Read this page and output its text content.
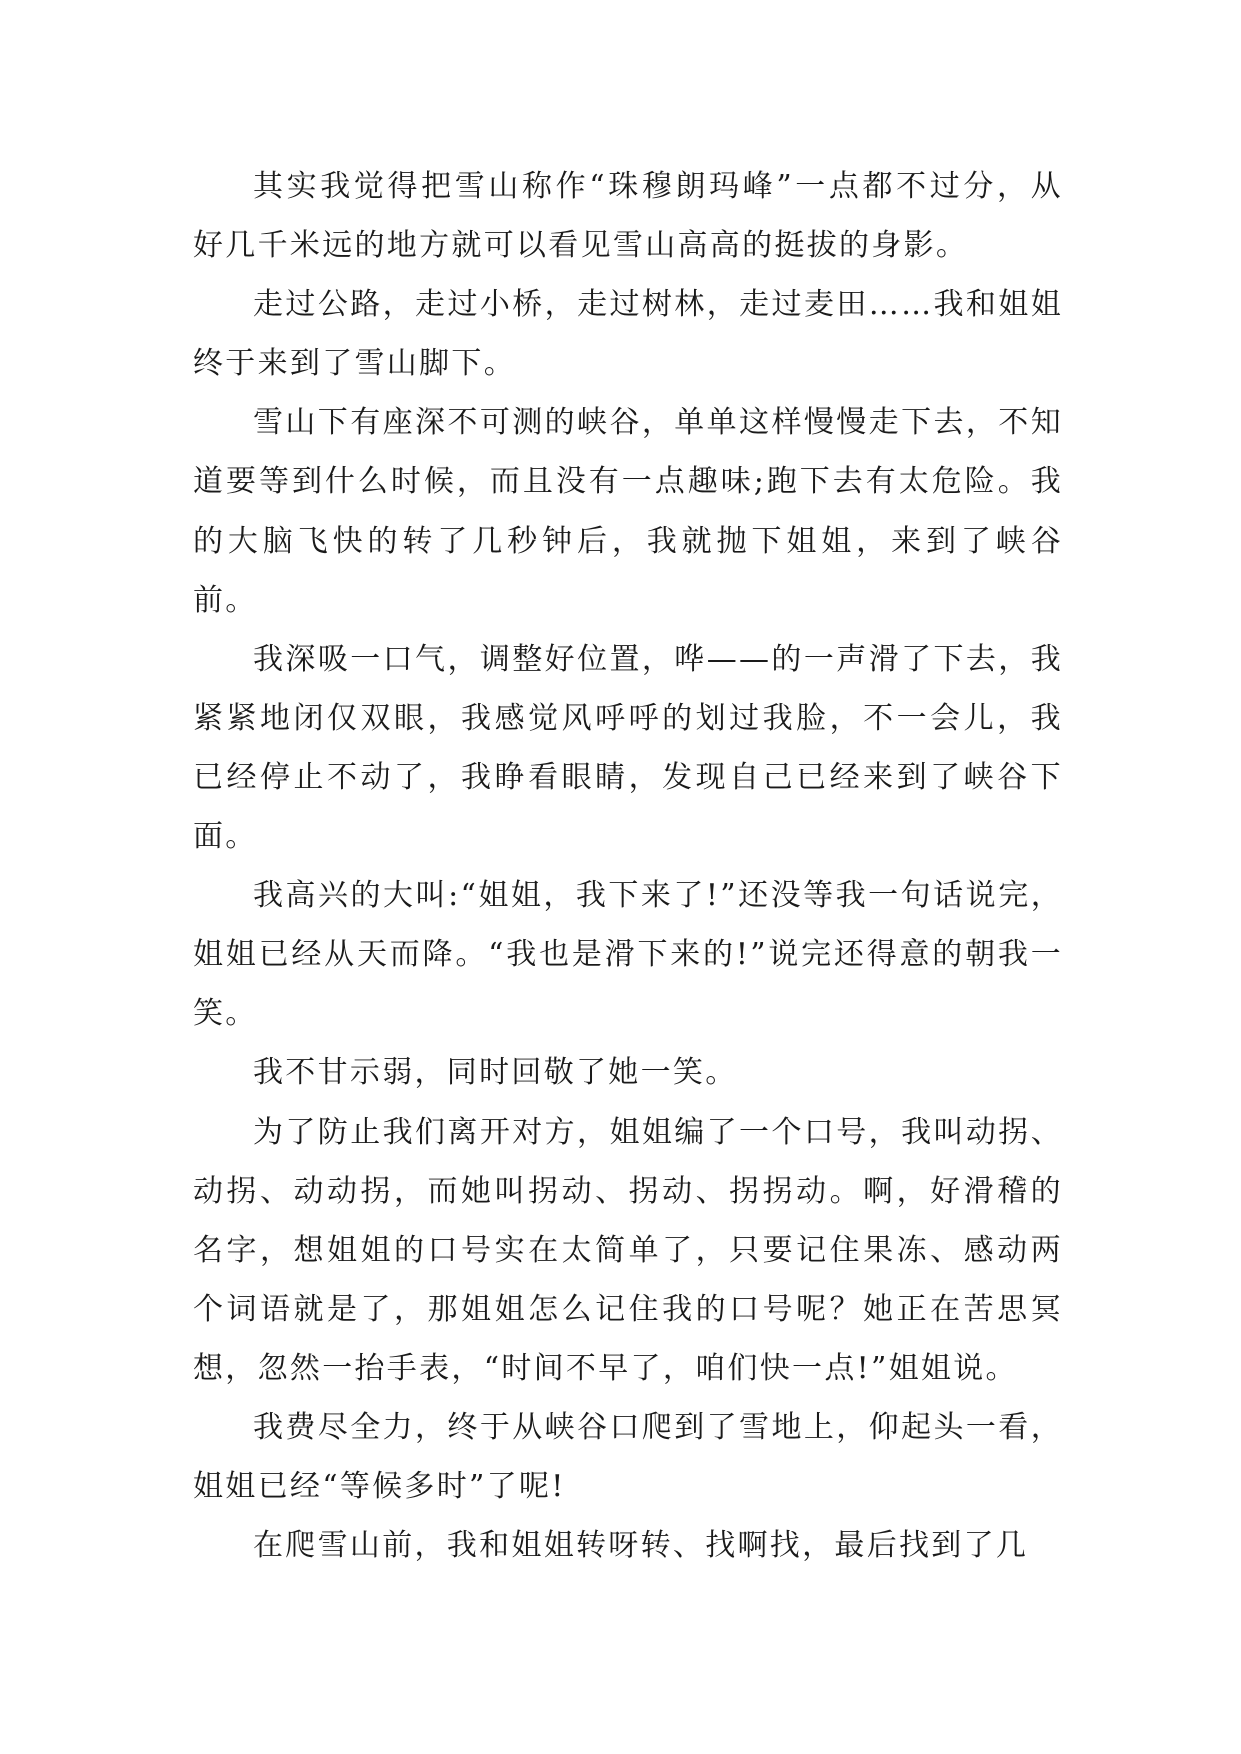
其实我觉得把雪山称作“珠穆朗玛峰”一点都不过分，从好几千米远的地方就可以看见雪山高高的挺拔的身影。

走过公路，走过小桥，走过树林，走过麦田……我和姐姐终于来到了雪山脚下。

雪山下有座深不可测的峡谷，单单这样慢慢走下去，不知道要等到什么时候，而且没有一点趣味;跑下去有太危险。我的大脑飞快的转了几秒钟后，我就抛下姐姐，来到了峡谷前。

我深吸一口气，调整好位置，哗——的一声滑了下去，我紧紧地闭仅双眼，我感觉风呼呼的划过我脸，不一会儿，我已经停止不动了，我睁看眼睛，发现自己已经来到了峡谷下面。

我高兴的大叫:“姐姐，我下来了!”还没等我一句话说完，姐姐已经从天而降。“我也是滑下来的!”说完还得意的朝我一笑。

我不甘示弱，同时回敬了她一笑。

为了防止我们离开对方，姐姐编了一个口号，我叫动拐、动拐、动动拐，而她叫拐动、拐动、拐拐动。啊，好滑稽的名字，想姐姐的口号实在太简单了，只要记住果冻、感动两个词语就是了，那姐姐怎么记住我的口号呢？她正在苦思冥想，忽然一抬手表，“时间不早了，咱们快一点!”姐姐说。

我费尽全力，终于从峡谷口爬到了雪地上，仰起头一看，姐姐已经“等候多时”了呢!

在爬雪山前，我和姐姐转呀转、找啊找，最后找到了几
